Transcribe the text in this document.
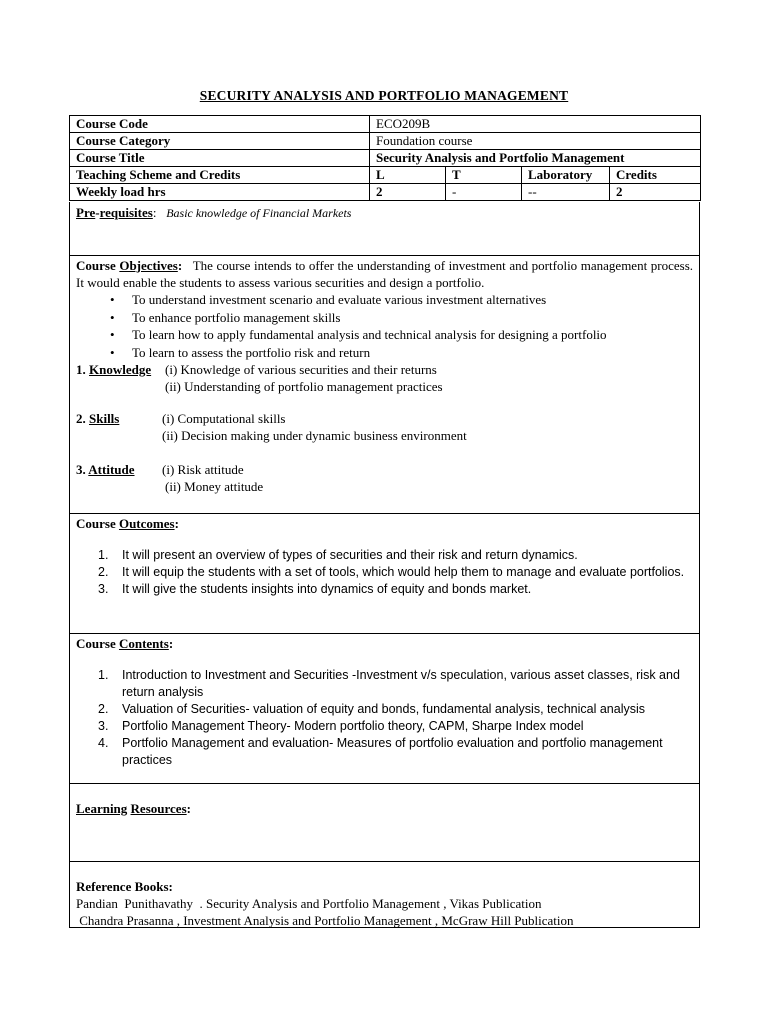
SECURITY ANALYSIS AND PORTFOLIO MANAGEMENT
Course Code	ECO209B			
Course Category	Foundation course			
Course Title	Security Analysis and Portfolio Management			
Teaching Scheme and Credits	L	T	Laboratory	Credits
Weekly load hrs	2	-	--	2

Pre-requisites:   Basic knowledge of Financial Markets

Course Objectives: The course intends to offer the understanding of investment and portfolio management process. It would enable the students to assess various securities and design a portfolio.

• To understand investment scenario and evaluate various investment alternatives
• To enhance portfolio management skills
• To learn how to apply fundamental analysis and technical analysis for designing a portfolio
• To learn to assess the portfolio risk and return
1. Knowledge (i) Knowledge of various securities and their returns
(ii) Understanding of portfolio management practices
2. Skills	(i) Computational skills
(ii) Decision making under dynamic business environment
3. Attitude (i) Risk attitude
(ii) Money attitude

Course Outcomes:

1. It will present an overview of types of securities and their risk and return dynamics.
2. It will equip the students with a set of tools, which would help them to manage and evaluate portfolios.
3. It will give the students insights into dynamics of equity and bonds market.

Course Contents:

1. Introduction to Investment and Securities -Investment v/s speculation, various asset classes, risk and return analysis
2. Valuation of Securities- valuation of equity and bonds, fundamental analysis, technical analysis
3. Portfolio Management Theory- Modern portfolio theory, CAPM, Sharpe Index model
4. Portfolio Management and evaluation- Measures of portfolio evaluation and portfolio management practices

Learning Resources:

Reference Books:

Pandian  Punithavathy  . Security Analysis and Portfolio Management , Vikas Publication

Chandra Prasanna , Investment Analysis and Portfolio Management , McGraw Hill Publication
